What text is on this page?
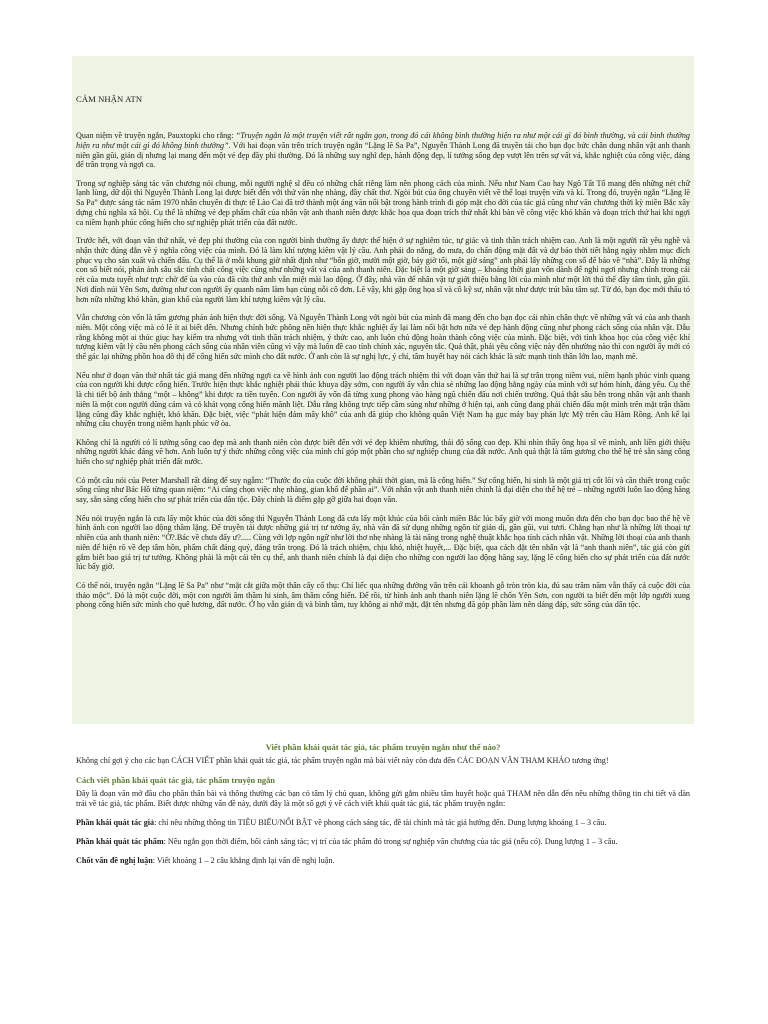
CẢM NHẬN ATN

Quan niệm về truyện ngắn, Pauxtopki cho rằng: “Truyện ngắn là một truyện viết rất ngắn gọn, trong đó cái không bình thường hiện ra như một cái gì đó bình thường, và cái bình thường hiện ra như một cái gì đó không bình thường”. Với hai đoạn văn trên trích truyện ngắn “Lặng lẽ Sa Pa”, Nguyễn Thành Long đã truyền tải cho bạn đọc bức chân dung nhân vật anh thanh niên gần gũi, giản dị nhưng lại mang đến một vẻ đẹp đầy phi thường. Đó là những suy nghĩ đẹp, hành động đẹp, lí tưởng sống đẹp vượt lên trên sự vất vả, khắc nghiệt của công việc, đáng để trân trọng và ngợi ca.

Trong sự nghiệp sáng tác văn chương nói chung, mỗi người nghệ sĩ đều có những chất riêng làm nên phong cách của mình. Nếu như Nam Cao hay Ngô Tất Tố mang đến những nét chữ lạnh lùng, dữ dội thì Nguyễn Thành Long lại được biết đến với thứ văn nhẹ nhàng, đầy chất thơ. Ngòi bút của ông chuyên viết về thể loại truyện vừa và kí. Trong đó, truyện ngắn “Lặng lẽ Sa Pa” được sáng tác năm 1970 nhân chuyến đi thực tế Lào Cai đã trở thành một áng văn nổi bật trong hành trình đi góp mặt cho đời của tác giả cũng như văn chương thời kỳ miền Bắc xây dựng chủ nghĩa xã hội. Cụ thể là những vẻ đẹp phẩm chất của nhân vật anh thanh niên được khắc họa qua đoạn trích thứ nhất khi bàn về công việc khó khăn và đoạn trích thứ hai khi ngợi ca niềm hạnh phúc cống hiến cho sự nghiệp phát triển của đất nước.

Trước hết, với đoạn văn thứ nhất, vẻ đẹp phi thường của con người bình thường ấy được thể hiện ở sự nghiêm túc, tự giác và tinh thần trách nhiệm cao. Anh là một người rất yêu nghề và nhận thức đúng đắn về ý nghĩa công việc của mình. Đó là làm khí tượng kiêm vật lý cầu. Anh phải đo nắng, đo mưa, đo chấn động mặt đất và dự báo thời tiết hằng ngày nhằm mục đích phục vụ cho sản xuất và chiến đấu. Cụ thể là ở mỗi khung giờ nhất định như “bốn giờ, mười một giờ, bảy giờ tối, một giờ sáng” anh phải lấy những con số để báo về “nhà”. Đây là những con số biết nói, phản ánh sâu sắc tính chất công việc cũng như những vất vả của anh thanh niên. Đặc biệt là một giờ sáng – khoảng thời gian vốn dành để nghỉ ngơi nhưng chính trong cái rét của mưa tuyết như trực chờ để ùa vào của đã cửa thứ anh vẫn miệt mài lao động. Ở đây, nhà văn để nhân vật tự giới thiệu bằng lời của mình như một lời thú thể đầy tâm tình, gần gũi. Nơi đỉnh núi Yên Sơn, đường như con người ấy quanh năm làm bạn cùng nỗi cô đơn. Lẽ vậy, khi gặp ông họa sĩ và cô kỹ sư, nhân vật như được trút bầu tâm sự. Từ đó, bạn đọc mới thấu tỏ hơn nữa những khó khăn, gian khổ của người làm khí tượng kiêm vật lý cầu.

Vẫn chương còn vốn là tấm gương phản ánh hiện thực đời sống. Và Nguyễn Thành Long với ngòi bút của mình đã mang đến cho bạn đọc cái nhìn chân thực về những vất vả của anh thanh niên. Một công việc mà có lẽ ít ai biết đến. Nhưng chính bức phông nền hiện thực khắc nghiệt ấy lại làm nổi bật hơn nữa vẻ đẹp hành động cũng như phong cách sống của nhân vật. Dẫu rằng không một ai thúc giục hay kiểm tra nhưng với tinh thần trách nhiệm, ý thức cao, anh luôn chủ động hoàn thành công việc của mình. Đặc biệt, với tính khoa học của công việc khí tượng kiêm vật lý cầu nên phong cách sống của nhân viên cũng vì vậy mà luôn đề cao tính chính xác, nguyên tắc. Quả thật, phải yêu công việc này đến nhường nào thì con người ấy mới có thể gác lại những phồn hoa đô thị để cống hiến sức mình cho đất nước. Ở anh còn là sự nghị lực, ý chí, tâm huyết hay nói cách khác là sức mạnh tinh thần lớn lao, mạnh mẽ.

Nếu như ở đoạn văn thứ nhất tác giả mang đến những ngợi ca về hình ảnh con người lao động trách nhiệm thì với đoạn văn thứ hai là sự trân trọng niềm vui, niềm hạnh phúc vinh quang của con người khi được cống hiến. Trước hiện thực khắc nghiệt phải thúc khuya dậy sớm, con người ấy vẫn chia sẻ những lao động hằng ngày của mình với sự hóm hỉnh, đáng yêu. Cụ thể là chi tiết bộ ảnh thắng “một – không” khi được ra tiền tuyến. Con người ấy vốn đã từng xung phong vào hàng ngũ chiến đấu nơi chiến trường. Quả thật sâu bên trong nhân vật anh thanh niên là một con người dũng cảm và có khát vọng cống hiến mãnh liệt. Dẫu rằng không trực tiếp cầm súng như những ở hiện tại, anh cũng đang phải chiến đấu một mình trên mặt trận thầm lặng cũng đầy khắc nghiệt, khó khăn. Đặc biệt, việc “phát hiện đám mây khô” của anh đã giúp cho không quân Việt Nam hạ gục máy bay phản lực Mỹ trên cầu Hàm Rồng. Anh kể lại những câu chuyện trong niềm hạnh phúc vỡ òa.

Không chỉ là người có lí tưởng sống cao đẹp mà anh thanh niên còn được biết đến với vẻ đẹp khiêm nhường, thái độ sống cao đẹp. Khi nhìn thấy ông họa sĩ vẽ mình, anh liền giới thiệu những người khác đáng vẽ hơn. Anh luôn tự ý thức những công việc của mình chỉ góp một phần cho sự nghiệp chung của đất nước. Anh quả thật là tấm gương cho thế hệ trẻ sẵn sàng cống hiến cho sự nghiệp phát triển đất nước.

Có một câu nói của Peter Marshall rất đáng để suy ngẫm: “Thước đo của cuộc đời không phải thời gian, mà là cống hiến.” Sự cống hiến, hi sinh là một giá trị cốt lõi và cần thiết trong cuộc sống cũng như Bác Hồ từng quan niệm: “Ai cũng chọn việc nhẹ nhàng, gian khổ để phần ai”. Với nhân vật anh thanh niên chính là đại diện cho thế hệ trẻ – những người luôn lao động hăng say, sẵn sàng cống hiến cho sự phát triển của dân tộc. Đây chính là điểm gặp gỡ giữa hai đoạn văn.

Nếu nói truyện ngắn là cưa lấy một khúc của đời sống thì Nguyễn Thành Long đã cưa lấy một khúc của bối cảnh miền Bắc lúc bấy giờ với mong muốn đưa đến cho bạn đọc bao thế hệ về hình ảnh con người lao động thầm lặng. Để truyền tải được những giá trị tư tưởng ấy, nhà văn đã sử dụng những ngôn từ giản dị, gần gũi, vui tươi. Chẳng hạn như là những lời thoại tự nhiên của anh thanh niên: “Ở?.Bác về chưa đấy ư?..... Cùng với lợp ngôn ngữ như lời thơ nhẹ nhàng là tài năng trong nghệ thuật khắc họa tính cách nhân vật. Những lời thoại của anh thanh niên để hiện rõ về đẹp tâm hồn, phẩm chất đáng quý, đáng trân trọng. Đó là trách nhiệm, chịu khó, nhiệt huyết,... Đặc biệt, qua cách đặt tên nhân vật là “anh thanh niên”, tác giả còn gửi gắm biết bao giá trị tư tưởng. Không phải là một cái tên cụ thể, anh thanh niên chính là đại diện cho những con người lao động hăng say, lặng lẽ cống hiến cho sự phát triển của đất nước lúc bấy giờ.

Có thể nói, truyện ngắn “Lặng lẽ Sa Pa” như “mặt cắt giữa một thân cây cổ thụ: Chỉ liếc qua những đường vân trên cái khoanh gỗ tròn tròn kia, đủ sau trăm năm vẫn thấy cả cuộc đời của thảo mộc”. Đó là một cuộc đời, một con người âm thầm hi sinh, âm thầm cống hiến. Để rồi, từ hình ảnh anh thanh niên lặng lẽ chốn Yên Sơn, con người ta biết đến một lớp người xung phong cống hiến sức mình cho quê hương, đất nước. Ở họ vẫn giản dị và bình tâm, tuy không ai nhớ mặt, đặt tên nhưng đã góp phần làm nên dáng đáp, sức sống của dân tộc.

Viết phần khái quát tác giả, tác phẩm truyện ngắn như thế nào?

Không chỉ gợi ý cho các bạn CÁCH VIẾT phần khái quát tác giả, tác phẩm truyện ngắn mà bài viết này còn đưa đến CÁC ĐOẠN VĂN THAM KHẢO tương ứng!

Cách viết phần khái quát tác giả, tác phẩm truyện ngắn

Đây là đoạn văn mở đầu cho phần thân bài và thông thường các bạn có tâm lý chủ quan, không gửi gắm nhiều tâm huyết hoặc quá THAM nên dẫn đến nêu những thông tin chi tiết và dàn trải về tác giả, tác phẩm. Biết được những vấn đề này, dưới đây là một số gợi ý về cách viết khái quát tác giả, tác phẩm truyện ngắn:

Phần khái quát tác giả: chỉ nêu những thông tin TIÊU BIỂU/NỔI BẬT về phong cách sáng tác, đề tài chính mà tác giả hướng đến. Dung lượng khoảng 1 – 3 câu.

Phần khái quát tác phẩm: Nêu ngắn gọn thời điểm, bối cảnh sáng tác; vị trí của tác phẩm đó trong sự nghiệp văn chương của tác giả (nếu có). Dung lượng 1 – 3 câu.

Chốt vấn đề nghị luận: Viết khoảng 1 – 2 câu khẳng định lại vấn đề nghị luận.
